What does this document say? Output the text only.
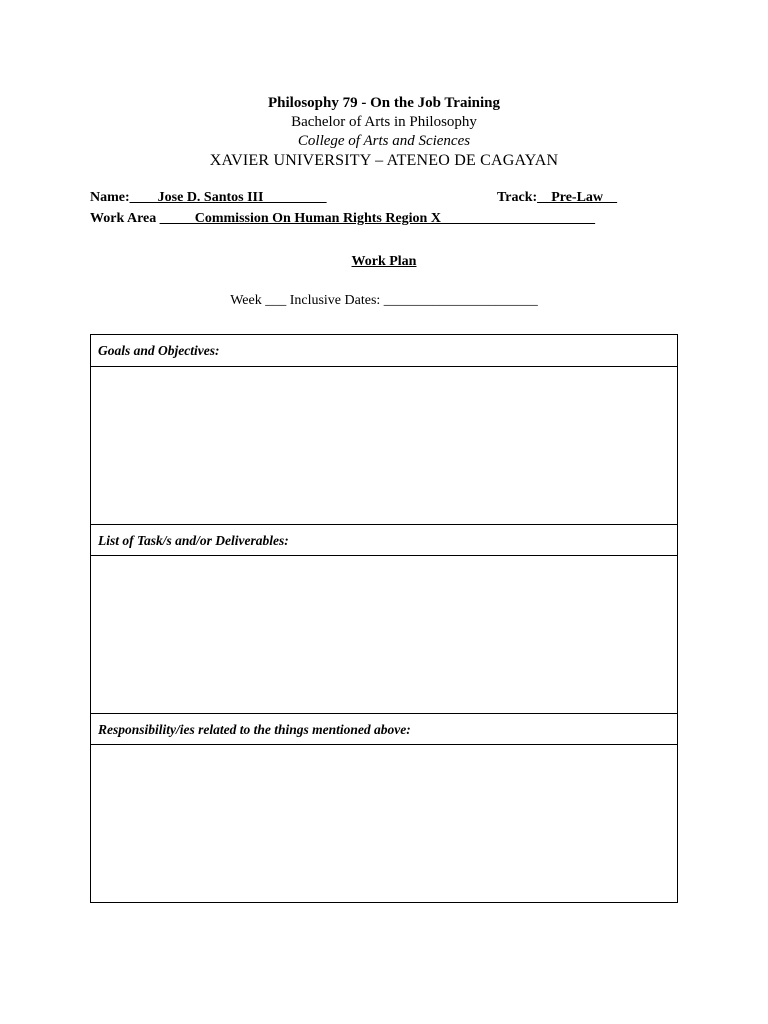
Philosophy 79 - On the Job Training
Bachelor of Arts in Philosophy
College of Arts and Sciences
XAVIER UNIVERSITY – ATENEO DE CAGAYAN
Name:____Jose D. Santos III_________	Track:__Pre-Law__
Work Area _____Commission On Human Rights Region X______________________
Work Plan
Week ___ Inclusive Dates: ______________________
Goals and Objectives:
List of Task/s and/or Deliverables:
Responsibility/ies related to the things mentioned above:
